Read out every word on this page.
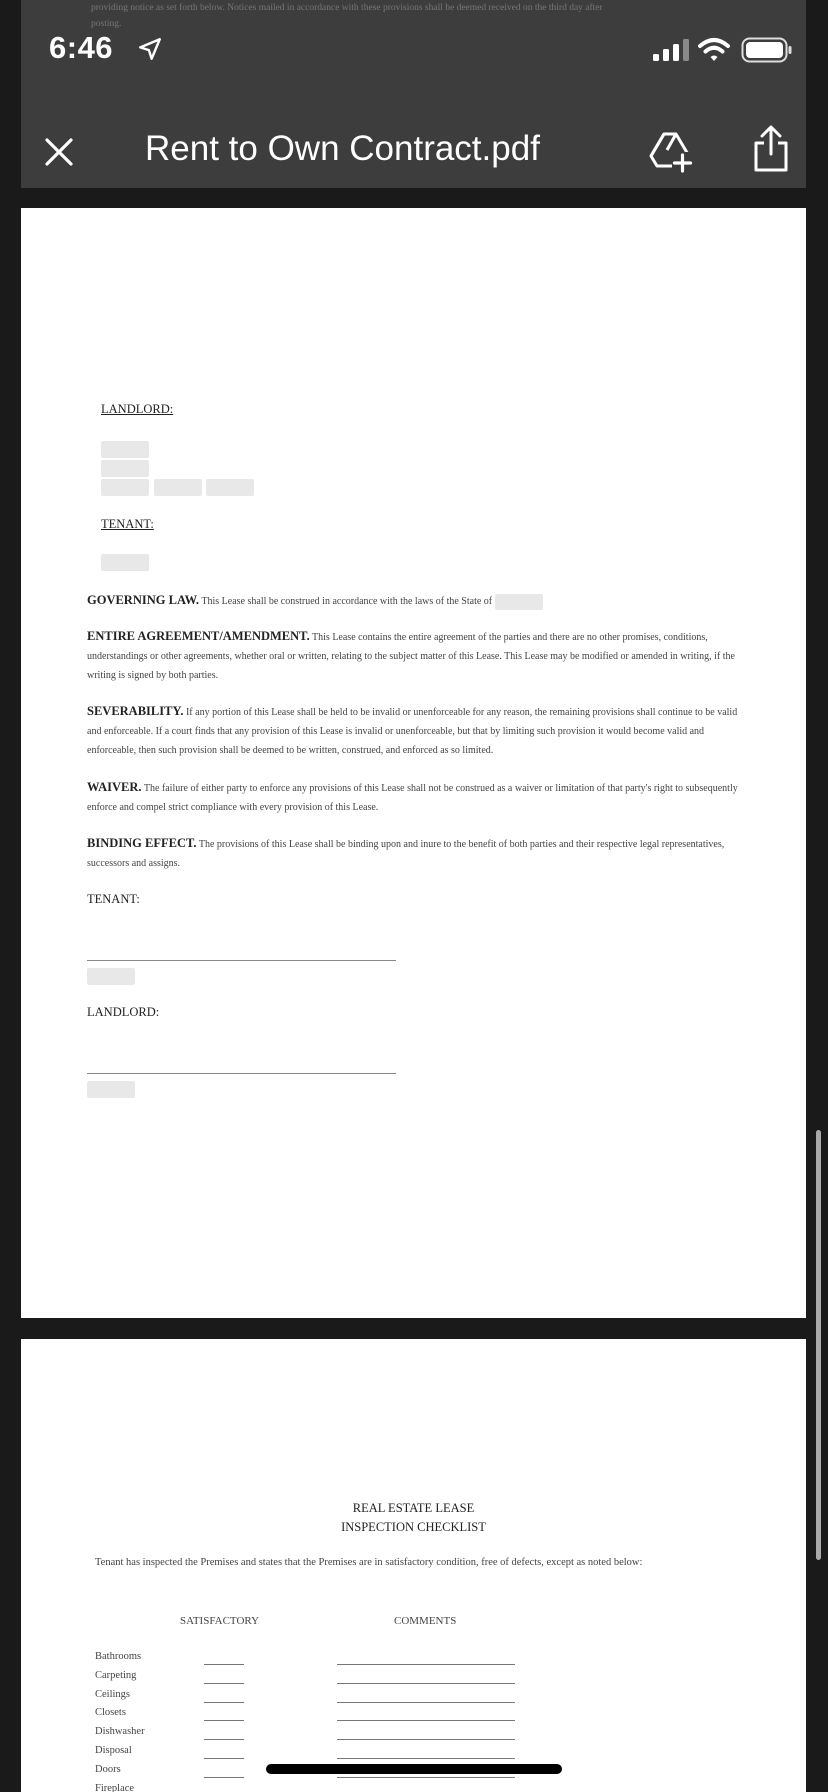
providing notice as set forth below. Notices mailed in accordance with these provisions shall be deemed received on the third day after
posting.
6:46
Rent to Own Contract.pdf
LANDLORD:
TENANT:
GOVERNING LAW. This Lease shall be construed in accordance with the laws of the State of
ENTIRE AGREEMENT/AMENDMENT. This Lease contains the entire agreement of the parties and there are no other promises, conditions, understandings or other agreements, whether oral or written, relating to the subject matter of this Lease. This Lease may be modified or amended in writing, if the writing is signed by both parties.
SEVERABILITY. If any portion of this Lease shall be held to be invalid or unenforceable for any reason, the remaining provisions shall continue to be valid and enforceable. If a court finds that any provision of this Lease is invalid or unenforceable, but that by limiting such provision it would become valid and enforceable, then such provision shall be deemed to be written, construed, and enforced as so limited.
WAIVER. The failure of either party to enforce any provisions of this Lease shall not be construed as a waiver or limitation of that party's right to subsequently enforce and compel strict compliance with every provision of this Lease.
BINDING EFFECT. The provisions of this Lease shall be binding upon and inure to the benefit of both parties and their respective legal representatives, successors and assigns.
TENANT:
LANDLORD:
REAL ESTATE LEASE
INSPECTION CHECKLIST
Tenant has inspected the Premises and states that the Premises are in satisfactory condition, free of defects, except as noted below:
SATISFACTORY	COMMENTS
Bathrooms
Carpeting
Ceilings
Closets
Dishwasher
Disposal
Doors
Fireplace
